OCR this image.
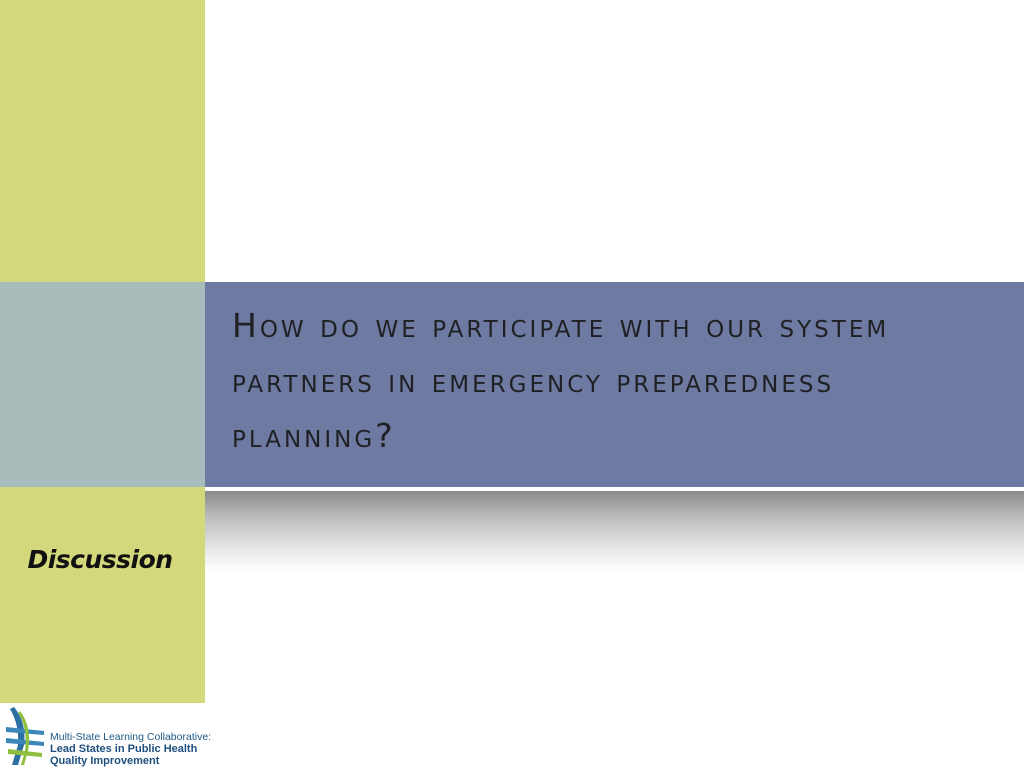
How do we participate with our system partners in emergency preparedness planning?

Discussion

Multi-State Learning Collaborative:
Lead States in Public Health
Quality Improvement
